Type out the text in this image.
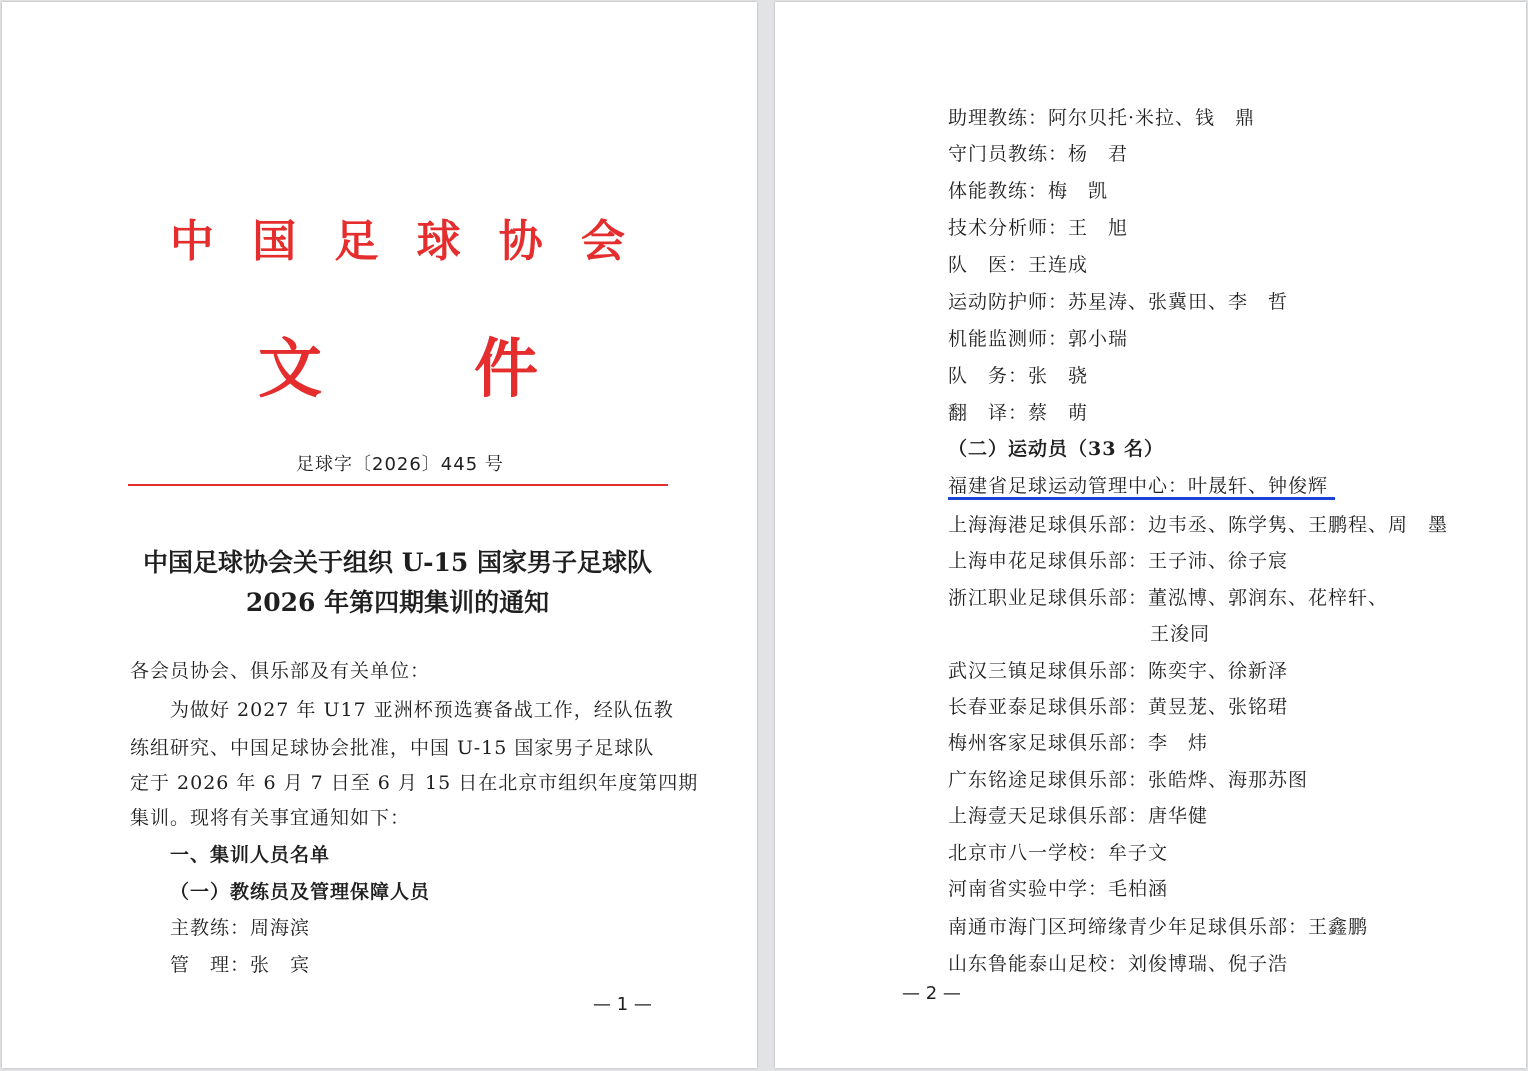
中 国 足 球 协 会
文 件
足球字〔2026〕445 号
中国足球协会关于组织 U-15 国家男子足球队
2026 年第四期集训的通知
各会员协会、俱乐部及有关单位：
为做好 2027 年 U17 亚洲杯预选赛备战工作，经队伍教
练组研究、中国足球协会批准，中国 U-15 国家男子足球队
定于 2026 年 6 月 7 日至 6 月 15 日在北京市组织年度第四期
集训。现将有关事宜通知如下：
一、集训人员名单
（一）教练员及管理保障人员
主教练：周海滨
管　理：张　宾
— 1 —
助理教练：阿尔贝托·米拉、钱　鼎
守门员教练：杨　君
体能教练：梅　凯
技术分析师：王　旭
队　医：王连成
运动防护师：苏星涛、张冀田、李　哲
机能监测师：郭小瑞
队　务：张　骁
翻　译：蔡　萌
（二）运动员（33 名）
福建省足球运动管理中心：叶晟轩、钟俊辉
上海海港足球俱乐部：边韦丞、陈学隽、王鹏程、周　墨
上海申花足球俱乐部：王子沛、徐子宸
浙江职业足球俱乐部：董泓博、郭润东、花梓轩、
王浚同
武汉三镇足球俱乐部：陈奕宇、徐新泽
长春亚泰足球俱乐部：黄昱茏、张铭珺
梅州客家足球俱乐部：李　炜
广东铭途足球俱乐部：张皓烨、海那苏图
上海壹天足球俱乐部：唐华健
北京市八一学校：牟子文
河南省实验中学：毛柏涵
南通市海门区珂缔缘青少年足球俱乐部：王鑫鹏
山东鲁能泰山足校：刘俊博瑞、倪子浩
— 2 —
